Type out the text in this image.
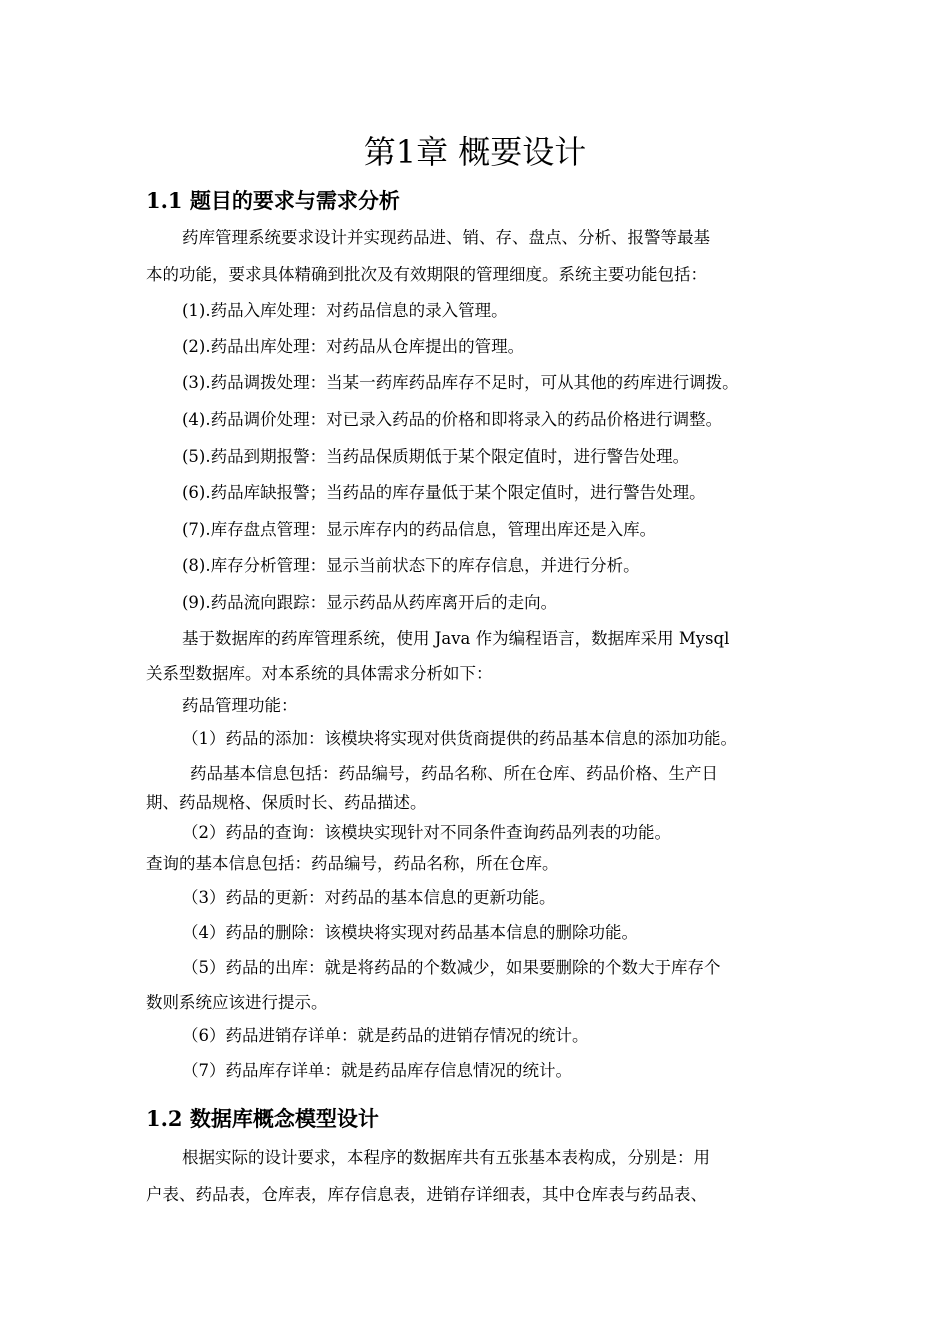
第1章 概要设计
1.1 题目的要求与需求分析

药库管理系统要求设计并实现药品进、销、存、盘点、分析、报警等最基

本的功能，要求具体精确到批次及有效期限的管理细度。系统主要功能包括：

(1).药品入库处理：对药品信息的录入管理。

(2).药品出库处理：对药品从仓库提出的管理。

(3).药品调拨处理：当某一药库药品库存不足时，可从其他的药库进行调拨。

(4).药品调价处理：对已录入药品的价格和即将录入的药品价格进行调整。

(5).药品到期报警：当药品保质期低于某个限定值时，进行警告处理。

(6).药品库缺报警；当药品的库存量低于某个限定值时，进行警告处理。

(7).库存盘点管理：显示库存内的药品信息，管理出库还是入库。

(8).库存分析管理：显示当前状态下的库存信息，并进行分析。

(9).药品流向跟踪：显示药品从药库离开后的走向。

基于数据库的药库管理系统，使用 Java 作为编程语言，数据库采用 Mysql

关系型数据库。对本系统的具体需求分析如下：

药品管理功能：

（1）药品的添加：该模块将实现对供货商提供的药品基本信息的添加功能。

药品基本信息包括：药品编号，药品名称、所在仓库、药品价格、生产日

期、药品规格、保质时长、药品描述。

（2）药品的查询：该模块实现针对不同条件查询药品列表的功能。

查询的基本信息包括：药品编号，药品名称，所在仓库。

（3）药品的更新：对药品的基本信息的更新功能。

（4）药品的删除：该模块将实现对药品基本信息的删除功能。

（5）药品的出库：就是将药品的个数减少，如果要删除的个数大于库存个

数则系统应该进行提示。

（6）药品进销存详单：就是药品的进销存情况的统计。

（7）药品库存详单：就是药品库存信息情况的统计。

1.2 数据库概念模型设计

根据实际的设计要求，本程序的数据库共有五张基本表构成，分别是：用

户表、药品表，仓库表，库存信息表，进销存详细表，其中仓库表与药品表、
